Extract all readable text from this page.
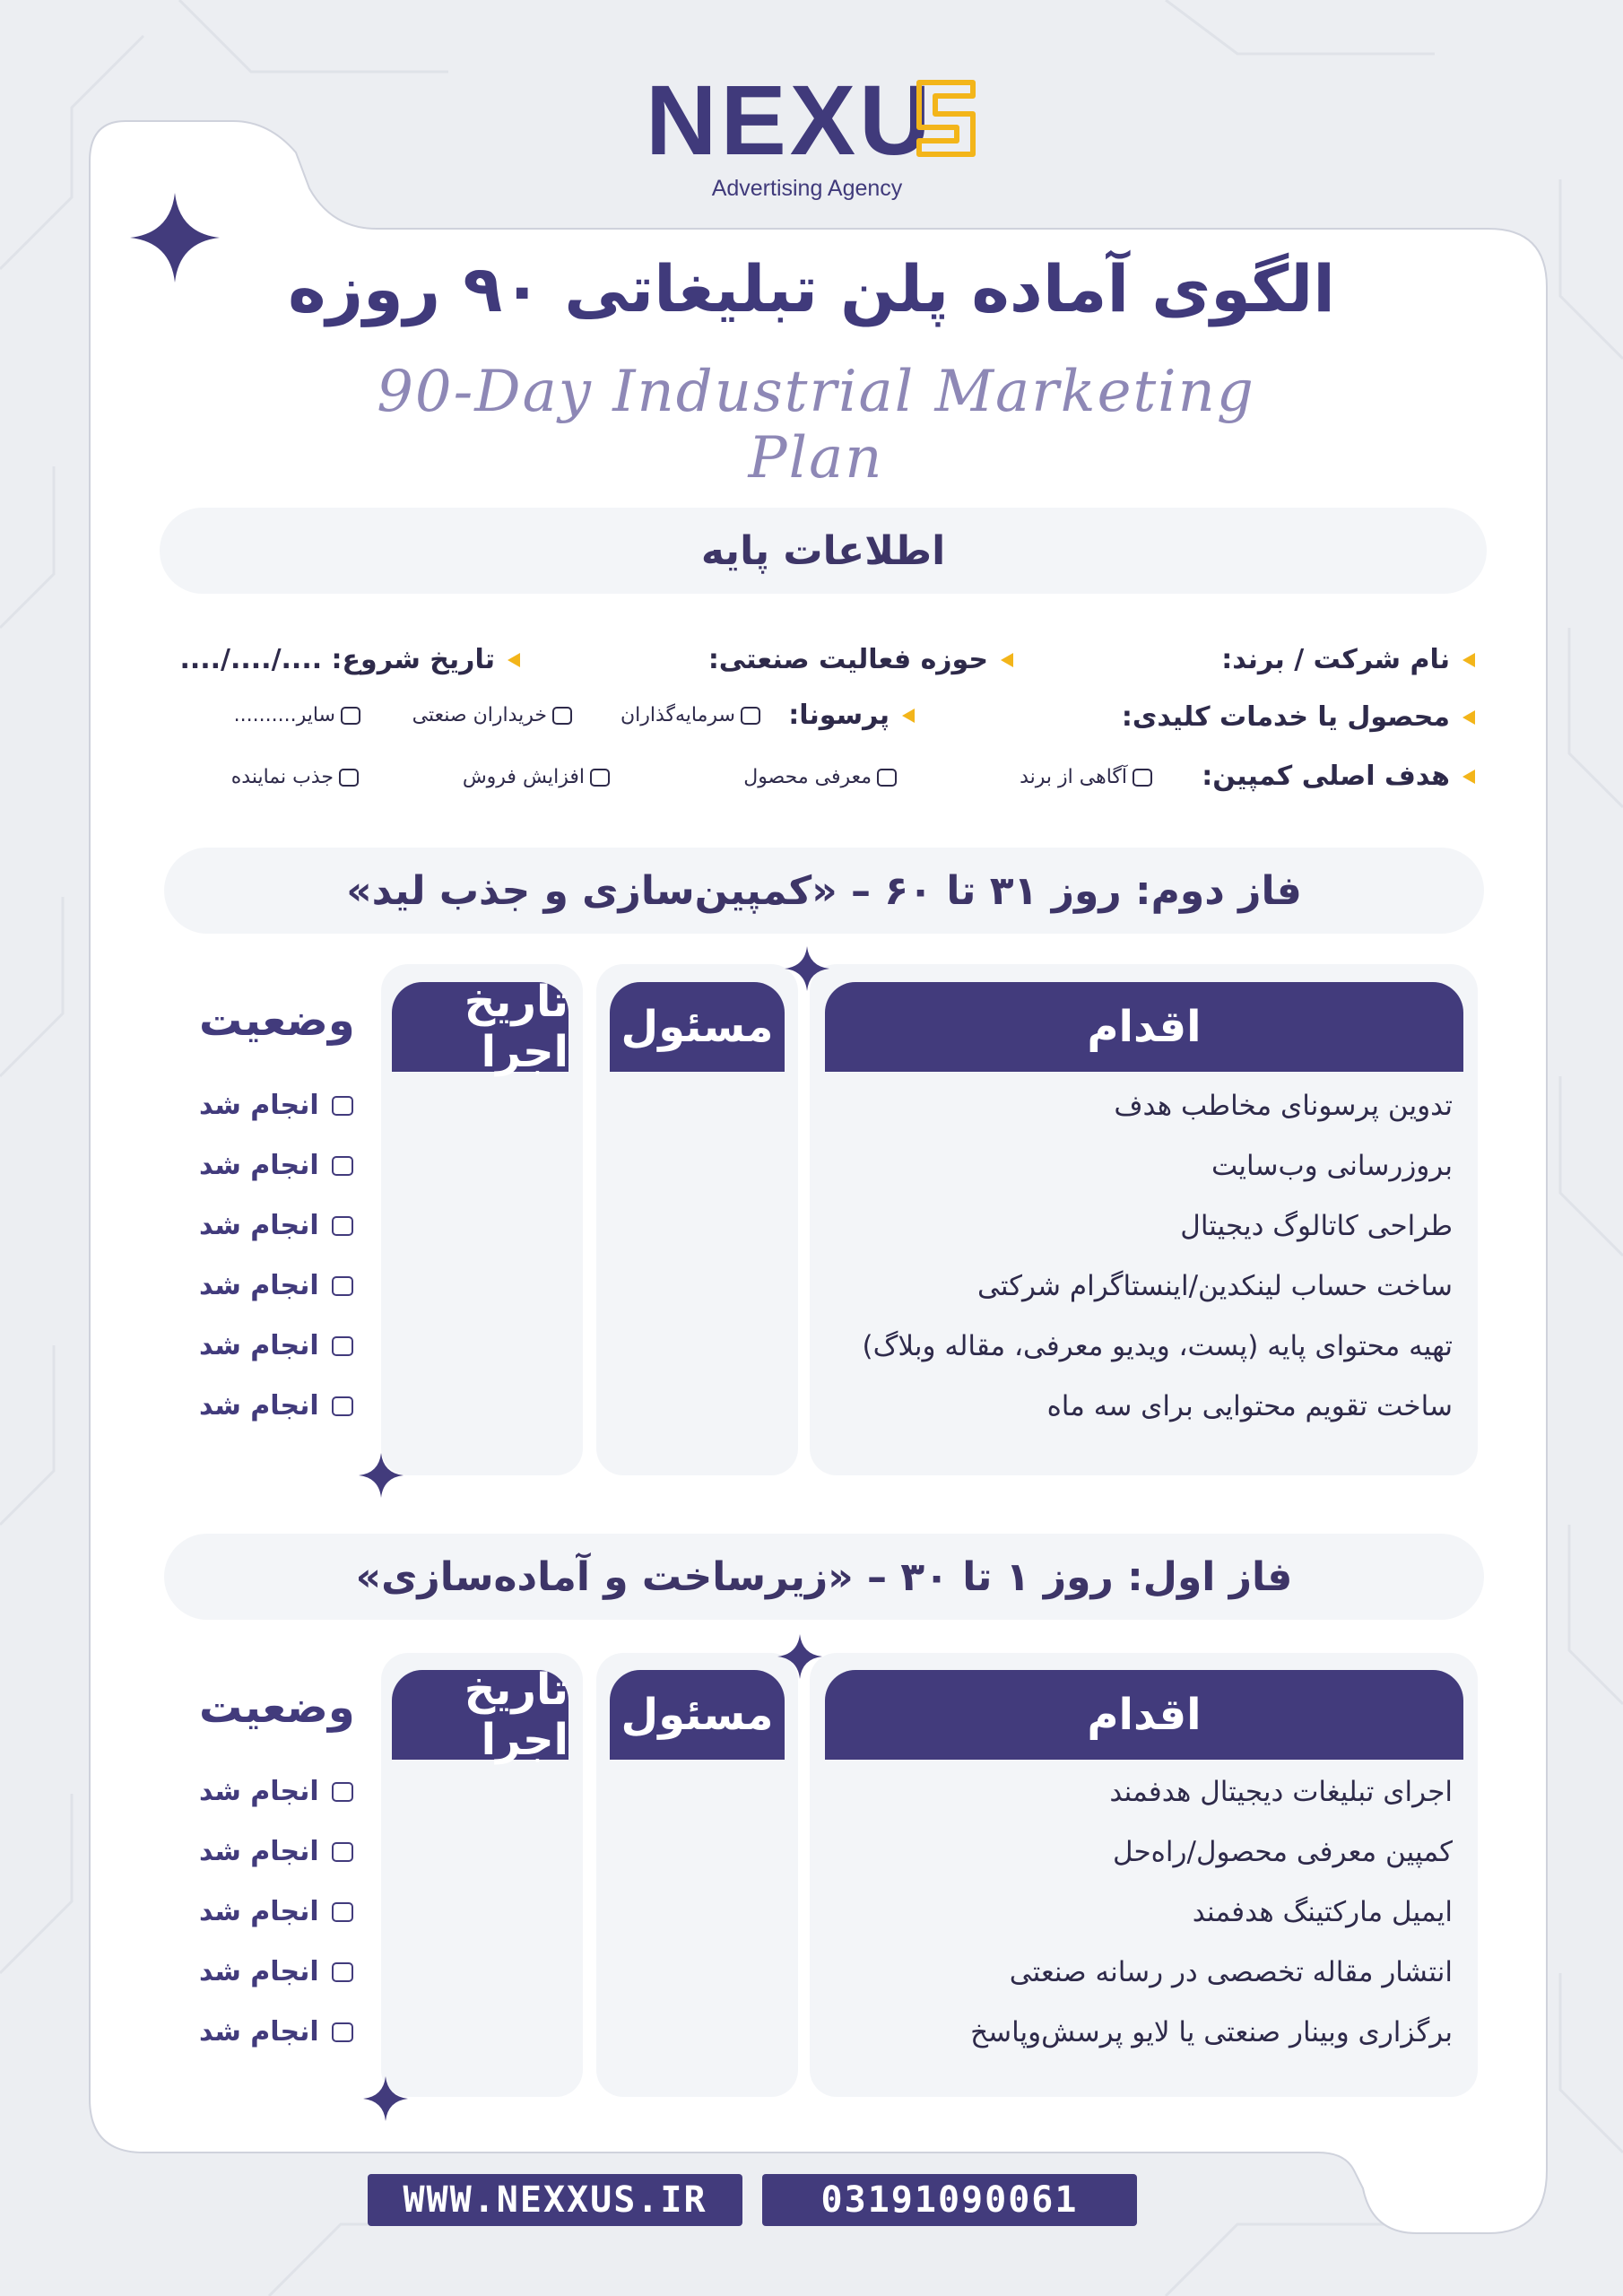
NEXU
Advertising Agency
الگوی آماده پلن تبلیغاتی ۹۰ روزه
90-Day Industrial Marketing Plan
اطلاعات پایه
نام شرکت / برند:
حوزه فعالیت صنعتی:
تاریخ شروع: ..../..../....
محصول یا خدمات کلیدی:
پرسونا:
سرمایه‌گذاران
خریداران صنعتی
سایر..........
هدف اصلی کمپین:
آگاهی از برند
معرفی محصول
افزایش فروش
جذب نماینده
فاز دوم: روز ۳۱ تا ۶۰ – «کمپین‌سازی و جذب لید»
اقدام
مسئول
تاریخ اجرا
وضعیت
تدوین پرسونای مخاطب هدف
بروزرسانی وب‌سایت
طراحی کاتالوگ دیجیتال
ساخت حساب لینکدین/اینستاگرام شرکتی
تهیه محتوای پایه (پست، ویدیو معرفی، مقاله وبلاگ)
ساخت تقویم محتوایی برای سه ماه
انجام شد
انجام شد
انجام شد
انجام شد
انجام شد
انجام شد
فاز اول: روز ۱ تا ۳۰ – «زیرساخت و آماده‌سازی»
اقدام
مسئول
تاریخ اجرا
وضعیت
اجرای تبلیغات دیجیتال هدفمند
کمپین معرفی محصول/راه‌حل
ایمیل مارکتینگ هدفمند
انتشار مقاله تخصصی در رسانه صنعتی
برگزاری وبینار صنعتی یا لایو پرسش‌وپاسخ
انجام شد
انجام شد
انجام شد
انجام شد
انجام شد
WWW.NEXXUS.IR	03191090061
